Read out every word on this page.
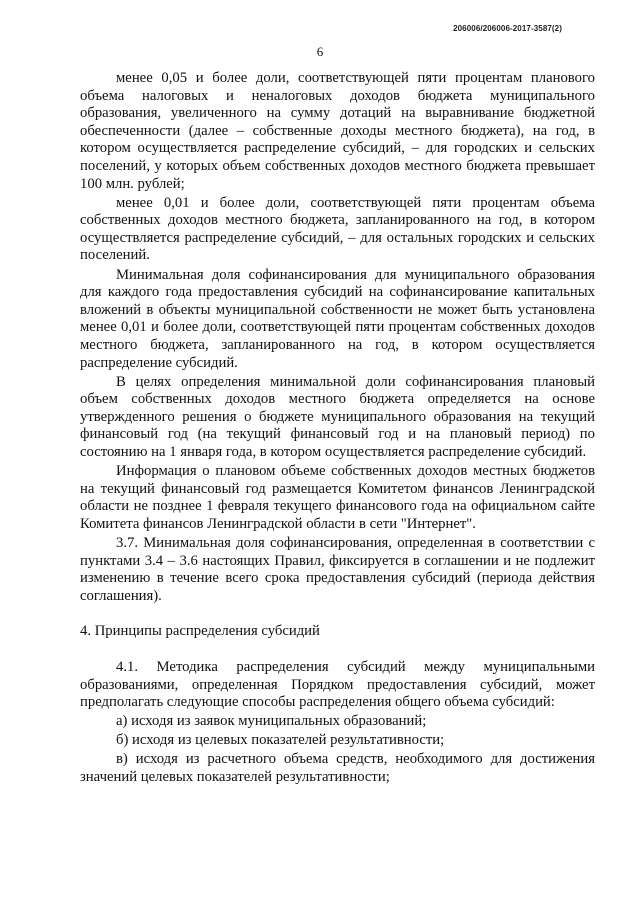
206006/206006-2017-3587(2)
6

менее 0,05 и более доли, соответствующей пяти процентам планового объема налоговых и неналоговых доходов бюджета муниципального образования, увеличенного на сумму дотаций на выравнивание бюджетной обеспеченности (далее – собственные доходы местного бюджета), на год, в котором осуществляется распределение субсидий, – для городских и сельских поселений, у которых объем собственных доходов местного бюджета превышает 100 млн. рублей;

менее 0,01 и более доли, соответствующей пяти процентам объема собственных доходов местного бюджета, запланированного на год, в котором осуществляется распределение субсидий, – для остальных городских и сельских поселений.

Минимальная доля софинансирования для муниципального образования для каждого года предоставления субсидий на софинансирование капитальных вложений в объекты муниципальной собственности не может быть установлена менее 0,01 и более доли, соответствующей пяти процентам собственных доходов местного бюджета, запланированного на год, в котором осуществляется распределение субсидий.

В целях определения минимальной доли софинансирования плановый объем собственных доходов местного бюджета определяется на основе утвержденного решения о бюджете муниципального образования на текущий финансовый год (на текущий финансовый год и на плановый период) по состоянию на 1 января года, в котором осуществляется распределение субсидий.

Информация о плановом объеме собственных доходов местных бюджетов на текущий финансовый год размещается Комитетом финансов Ленинградской области не позднее 1 февраля текущего финансового года на официальном сайте Комитета финансов Ленинградской области в сети "Интернет".

3.7. Минимальная доля софинансирования, определенная в соответствии с пунктами 3.4 – 3.6 настоящих Правил, фиксируется в соглашении и не подлежит изменению в течение всего срока предоставления субсидий (периода действия соглашения).

4. Принципы распределения субсидий

4.1. Методика распределения субсидий между муниципальными образованиями, определенная Порядком предоставления субсидий, может предполагать следующие способы распределения общего объема субсидий:

а) исходя из заявок муниципальных образований;

б) исходя из целевых показателей результативности;

в) исходя из расчетного объема средств, необходимого для достижения значений целевых показателей результативности;
